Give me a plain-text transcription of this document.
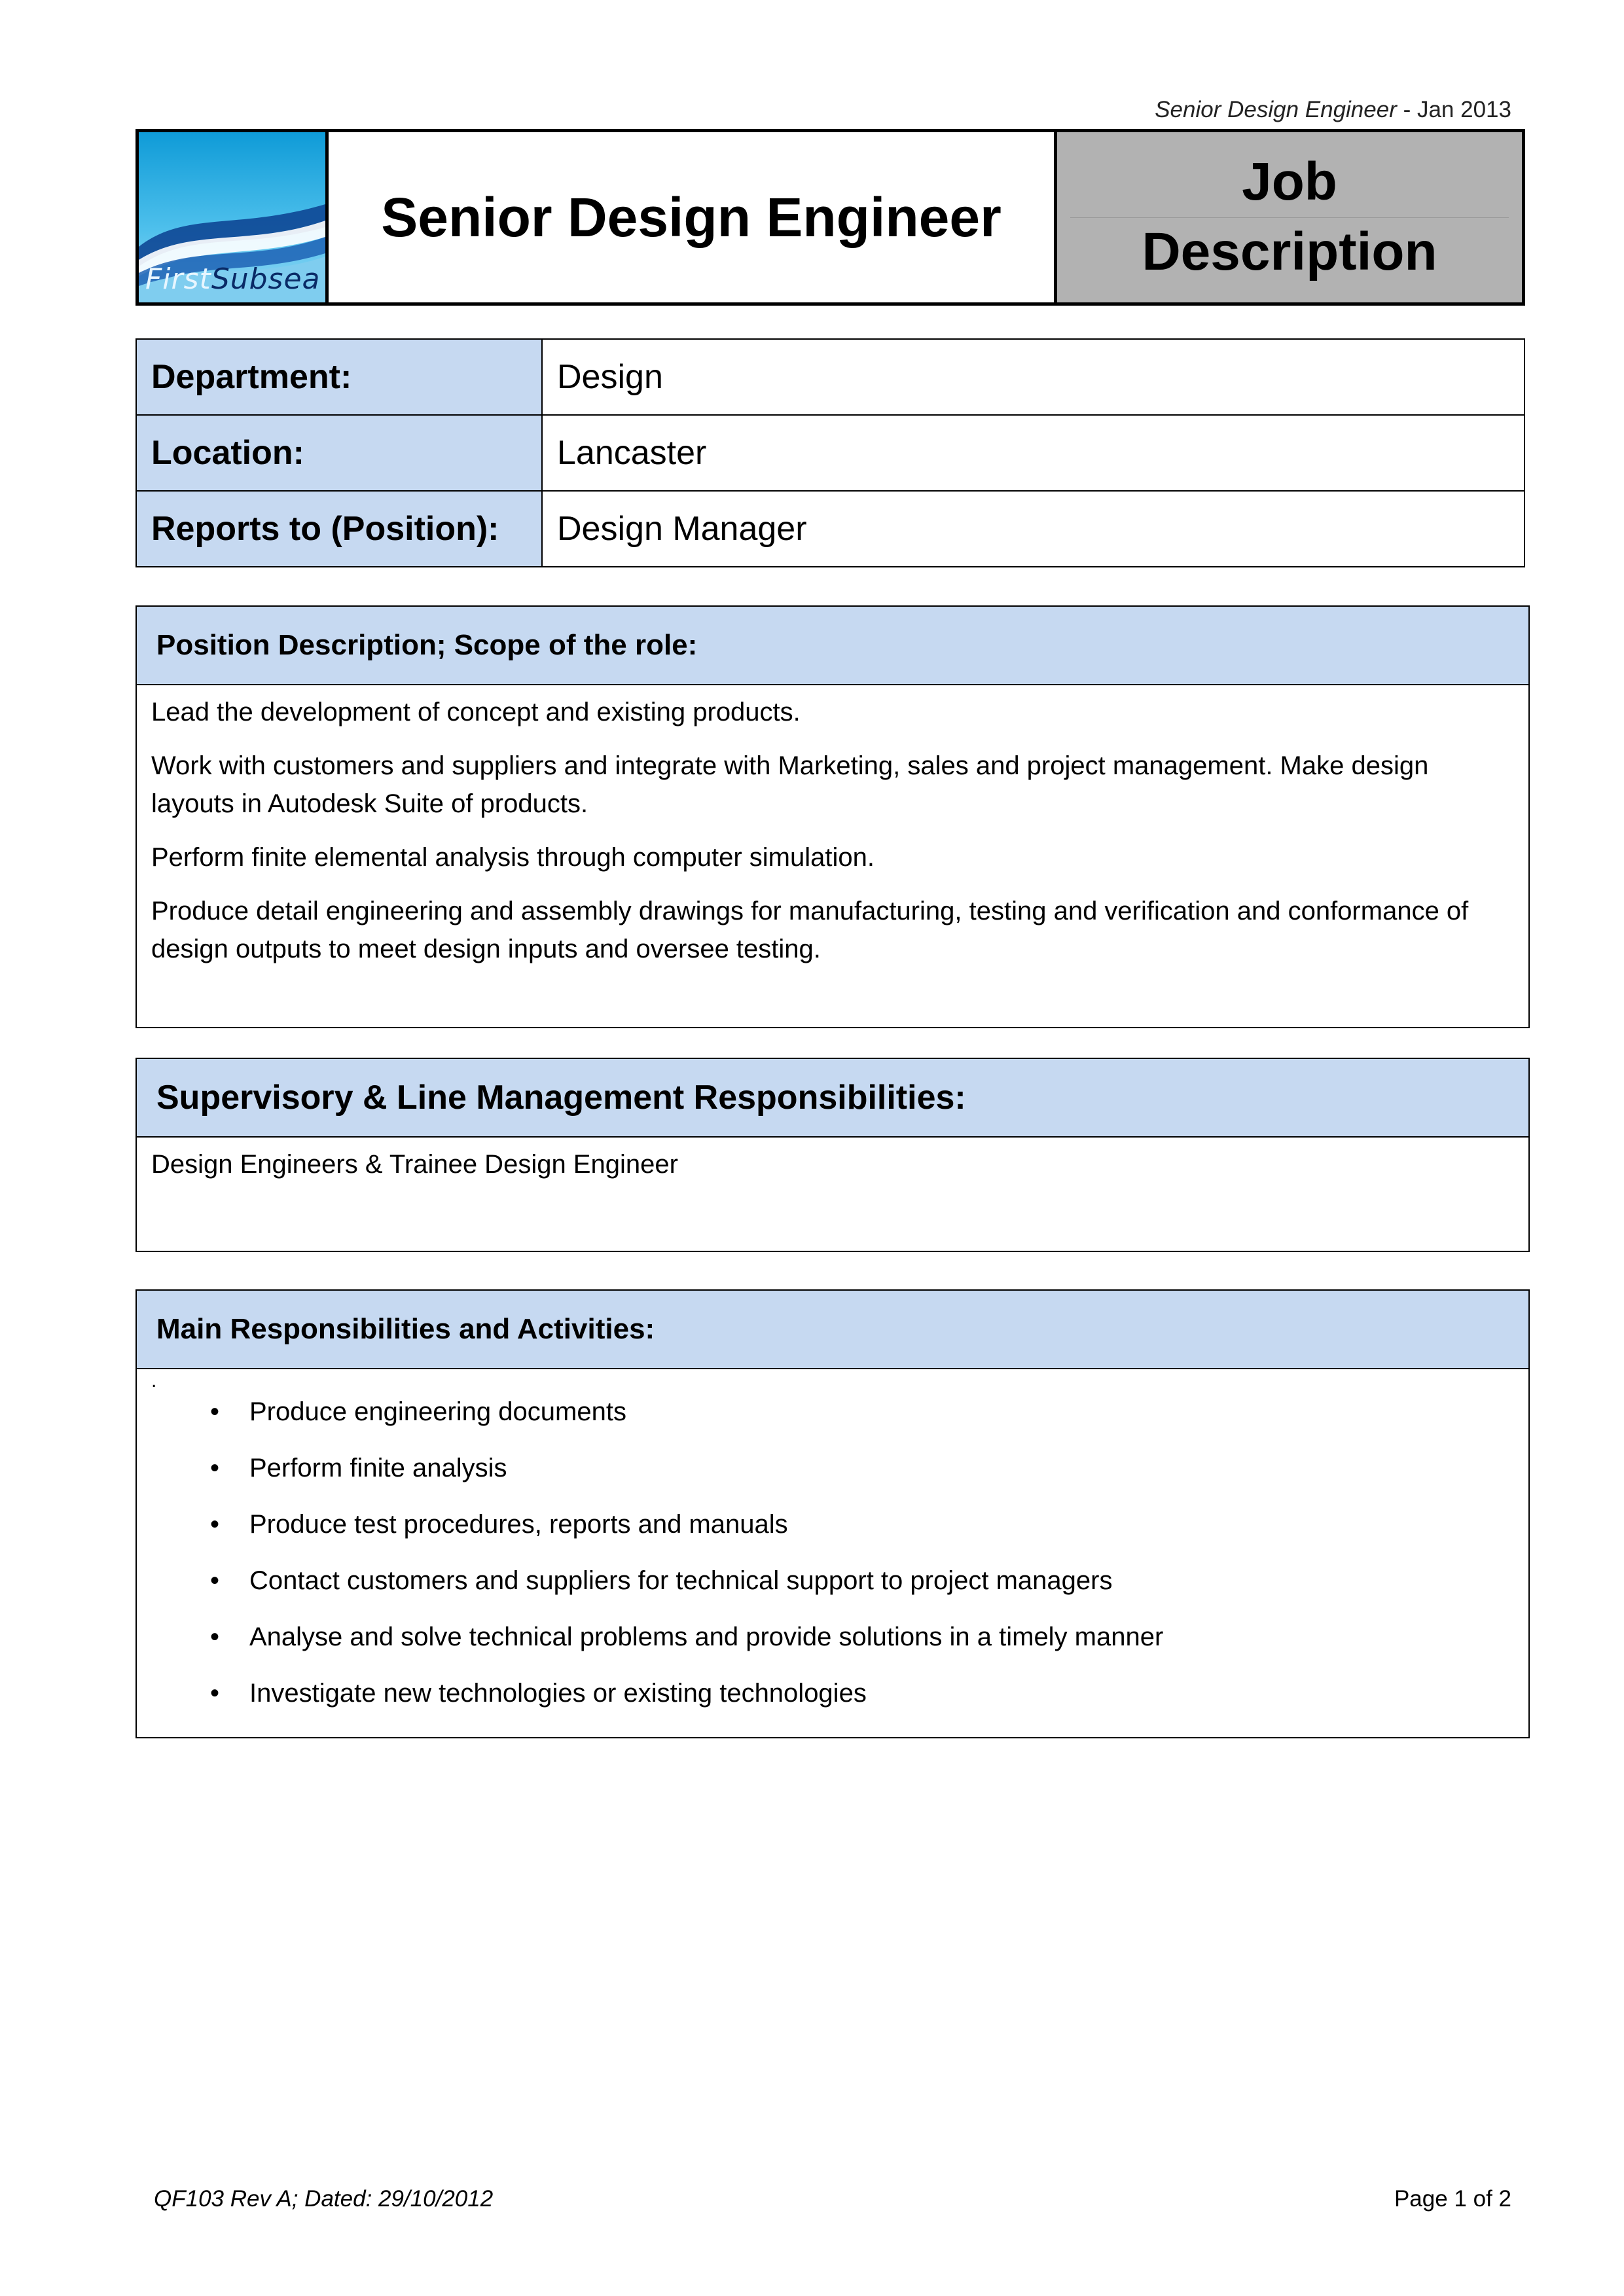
Senior Design Engineer - Jan 2013
FirstSubsea
Senior Design Engineer
Job
Description
Department:	Design
Location:	Lancaster
Reports to (Position):	Design Manager
Position Description; Scope of the role:

Lead the development of concept and existing products.

Work with customers and suppliers and integrate with Marketing, sales and project management. Make design layouts in Autodesk Suite of products.

Perform finite elemental analysis through computer simulation.

Produce detail engineering and assembly drawings for manufacturing, testing and verification and conformance of design outputs to meet design inputs and oversee testing.

Supervisory & Line Management Responsibilities:

Design Engineers & Trainee Design Engineer

Main Responsibilities and Activities:
.
• Produce engineering documents
• Perform finite analysis
• Produce test procedures, reports and manuals
• Contact customers and suppliers for technical support to project managers
• Analyse and solve technical problems and provide solutions in a timely manner
• Investigate new technologies or existing technologies
QF103 Rev A; Dated: 29/10/2012	Page 1 of 2
